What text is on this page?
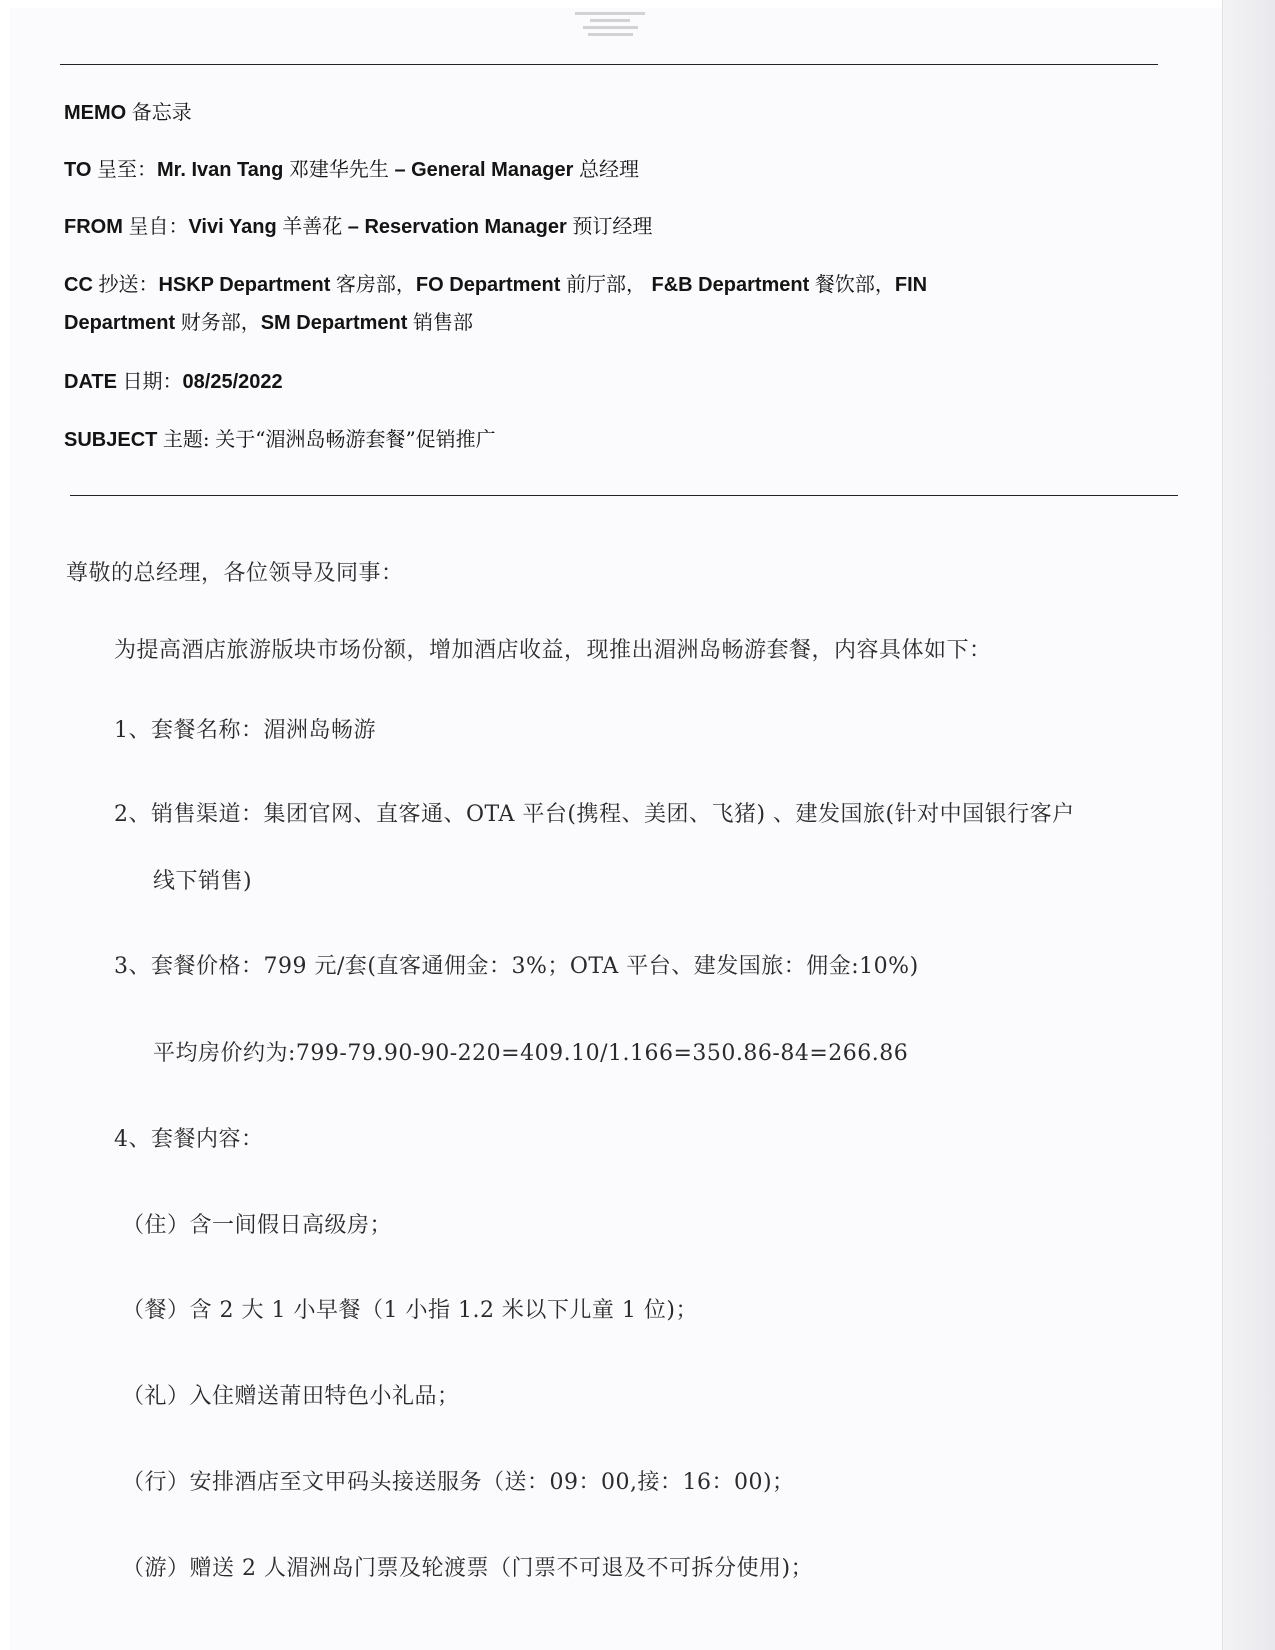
MEMO 备忘录
TO 呈至：Mr. Ivan Tang 邓建华先生 – General Manager 总经理
FROM 呈自：Vivi Yang 羊善花 – Reservation Manager 预订经理
CC 抄送：HSKP Department 客房部，FO Department 前厅部， F&B Department 餐饮部，FIN
Department 财务部，SM Department 销售部
DATE 日期：08/25/2022
SUBJECT 主题: 关于“湄洲岛畅游套餐”促销推广
尊敬的总经理，各位领导及同事：
为提高酒店旅游版块市场份额，增加酒店收益，现推出湄洲岛畅游套餐，内容具体如下：
1、套餐名称：湄洲岛畅游
2、销售渠道：集团官网、直客通、OTA 平台(携程、美团、飞猪) 、建发国旅(针对中国银行客户
线下销售)
3、套餐价格：799 元/套(直客通佣金：3%；OTA 平台、建发国旅：佣金:10%)
平均房价约为:799-79.90-90-220=409.10/1.166=350.86-84=266.86
4、套餐内容：
（住）含一间假日高级房；
（餐）含 2 大 1 小早餐（1 小指 1.2 米以下儿童 1 位)；
（礼）入住赠送莆田特色小礼品；
（行）安排酒店至文甲码头接送服务（送：09：00,接：16：00)；
（游）赠送 2 人湄洲岛门票及轮渡票（门票不可退及不可拆分使用)；
